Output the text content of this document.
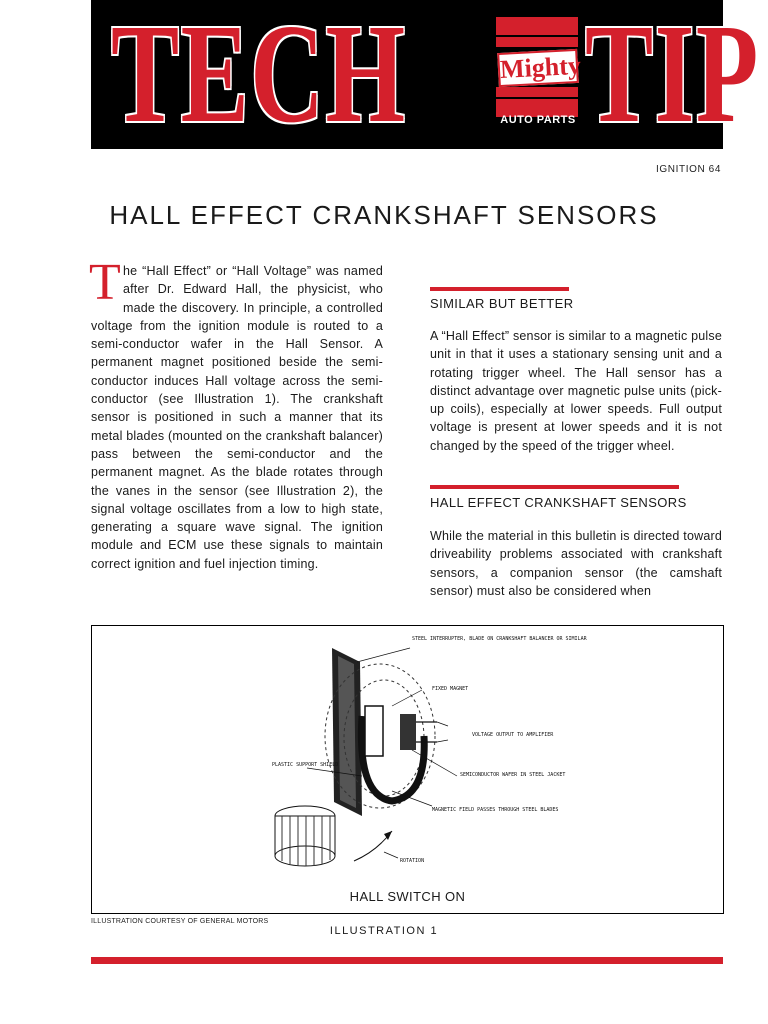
TECH TIP
Mighty
AUTO PARTS
IGNITION 64
HALL EFFECT CRANKSHAFT SENSORS

The “Hall Effect” or “Hall Voltage” was named after Dr. Edward Hall, the physicist, who made the discovery. In principle, a controlled voltage from the ignition module is routed to a semi-conductor wafer in the Hall Sensor. A permanent magnet positioned beside the semi-conductor induces Hall voltage across the semi-conductor (see Illustration 1). The crankshaft sensor is positioned in such a manner that its metal blades (mounted on the crankshaft balancer) pass between the semi-conductor and the permanent magnet. As the blade rotates through the vanes in the sensor (see Illustration 2), the signal voltage oscillates from a low to high state, generating a square wave signal. The ignition module and ECM use these signals to maintain correct ignition and fuel injection timing.

SIMILAR BUT BETTER

A “Hall Effect” sensor is similar to a magnetic pulse unit in that it uses a stationary sensing unit and a rotating trigger wheel. The Hall sensor has a distinct advantage over magnetic pulse units (pick-up coils), especially at lower speeds. Full output voltage is present at lower speeds and it is not changed by the speed of the trigger wheel.

HALL EFFECT CRANKSHAFT SENSORS

While the material in this bulletin is directed toward driveability problems associated with crankshaft sensors, a companion sensor (the camshaft sensor) must also be considered when

STEEL INTERRUPTER, BLADE ON CRANKSHAFT BALANCER OR SIMILAR
FIXED MAGNET
VOLTAGE OUTPUT TO AMPLIFIER
SEMICONDUCTOR WAFER IN STEEL JACKET
MAGNETIC FIELD PASSES THROUGH STEEL BLADES
PLASTIC SUPPORT SHIELD
ROTATION
HALL SWITCH ON
ILLUSTRATION COURTESY OF GENERAL MOTORS
ILLUSTRATION 1
